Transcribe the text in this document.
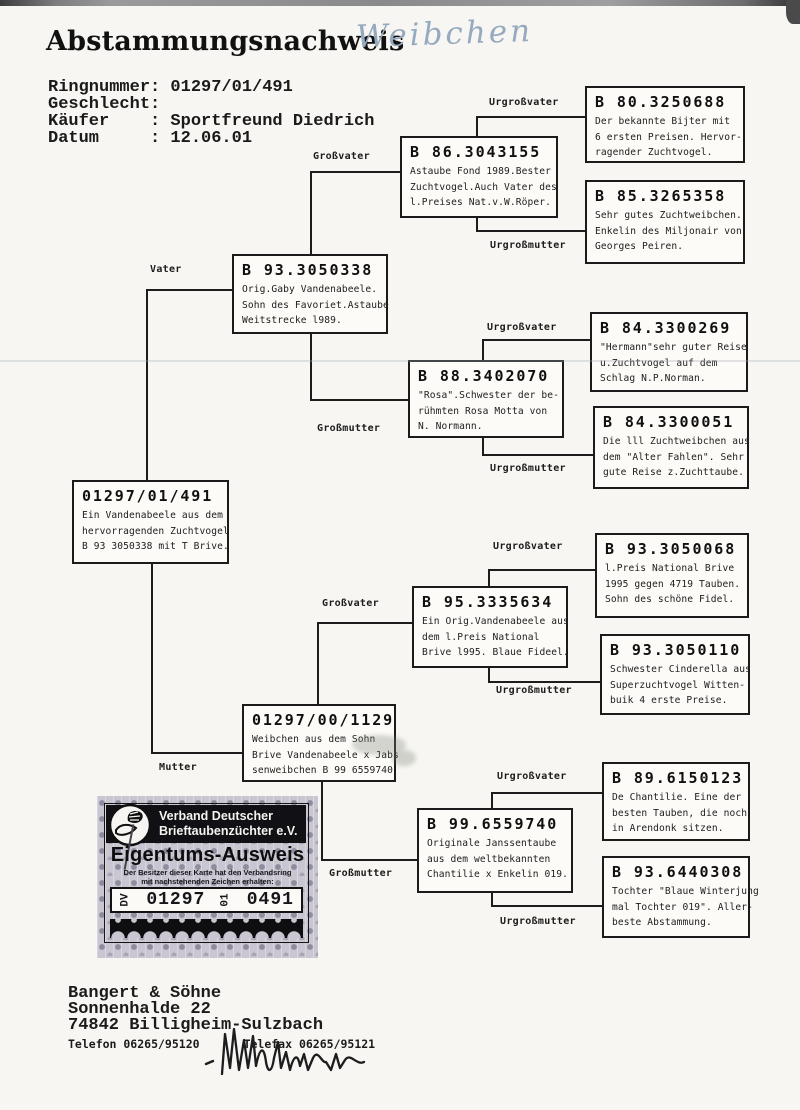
Abstammungsnachweis
Weibchen
Ringnummer: 01297/01/491
Geschlecht:
Käufer    : Sportfreund Diedrich
Datum     : 12.06.01
Vater
Großvater
Urgroßvater
Urgroßmutter
Urgroßvater
Großmutter
Urgroßmutter
Urgroßvater
Großvater
Urgroßmutter
Mutter
Urgroßvater
Großmutter
Urgroßmutter
01297/01/491
Ein Vandenabeele aus dem
hervorragenden Zuchtvogel
B 93 3050338 mit T Brive.
B 93.3050338
Orig.Gaby Vandenabeele.
Sohn des Favoriet.Astaube
Weitstrecke l989.
B 86.3043155
Astaube Fond 1989.Bester
Zuchtvogel.Auch Vater des
l.Preises Nat.v.W.Röper.
B 80.3250688
Der bekannte Bijter mit
6 ersten Preisen. Hervor-
ragender Zuchtvogel.
B 85.3265358
Sehr gutes Zuchtweibchen.
Enkelin des Miljonair von
Georges Peiren.
B 88.3402070
"Rosa".Schwester der be-
rühmten Rosa Motta von
N. Normann.
B 84.3300269
"Hermann"sehr guter Reise
u.Zuchtvogel auf dem
Schlag N.P.Norman.
B 84.3300051
Die lll Zuchtweibchen aus
dem "Alter Fahlen". Sehr
gute Reise z.Zuchttaube.
01297/00/1129
Weibchen aus dem Sohn
Brive Vandenabeele x Jabs
senweibchen B 99 6559740
B 95.3335634
Ein Orig.Vandenabeele aus
dem l.Preis National
Brive l995. Blaue Fideel.
B 93.3050068
l.Preis National Brive
1995 gegen 4719 Tauben.
Sohn des schöne Fidel.
B 93.3050110
Schwester Cinderella aus
Superzuchtvogel Witten-
buik 4 erste Preise.
B 99.6559740
Originale Janssentaube
aus dem weltbekannten
Chantilie x Enkelin 019.
B 89.6150123
De Chantilie. Eine der
besten Tauben, die noch
in Arendonk sitzen.
B 93.6440308
Tochter "Blaue Winterjung
mal Tochter 019". Aller-
beste Abstammung.
Verband Deutscher
Brieftaubenzüchter e.V.
Eigentums-Ausweis
Der Besitzer dieser Karte hat den Verbandsring
mit nachstehenden Zeichen erhalten:
DV 01297 01 0491
Bangert & Söhne
Sonnenhalde 22
74842 Billigheim-Sulzbach
Telefon 06265/95120	Telefax 06265/95121
